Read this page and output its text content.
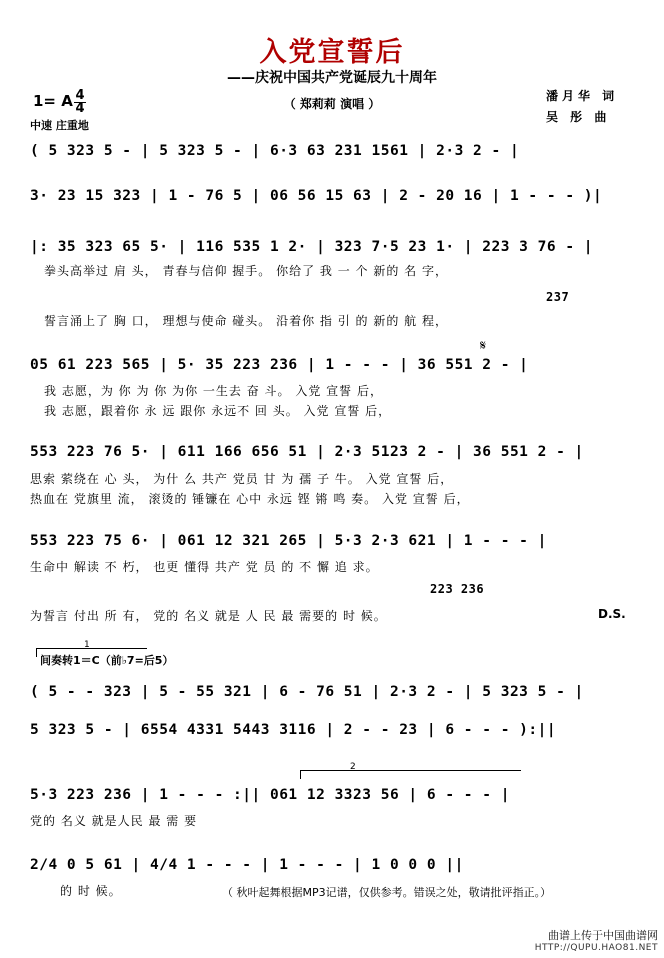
入党宣誓后
——庆祝中国共产党诞辰九十周年
（ 郑莉莉 演唱 ）
潘月华 词
吴 彤 曲
1= A 4
4
中速 庄重地
( 5 323 5 - | 5 323 5 - | 6·3 63 231 1561 | 2·3 2 - |
3· 23 15 323 | 1 - 76 5 | 06 56 15 63 | 2 - 20 16 | 1 - - - )|
|: 35 323 65 5· | 116 535 1 2· | 323 7·5 23 1· | 223 3 76 - |
拳头高举过 肩 头， 青春与信仰 握手。 你给了 我 一 个 新的 名 字，
誓言涌上了 胸 口， 理想与使命 碰头。 沿着你 指 引 的 新的 航 程，
237
05 61 223 565 | 5· 35 223 236 | 1 - - - | 36 551 2 - |
𝄋
我 志愿，为 你 为 你 为你 一生去 奋 斗。 入党 宣誓 后，
我 志愿，跟着你 永 远 跟你 永远不 回 头。 入党 宣誓 后，
553 223 76 5· | 611 166 656 51 | 2·3 5123 2 - | 36 551 2 - |
思索 萦绕在 心 头， 为什 么 共产 党员 甘 为 孺 子 牛。 入党 宣誓 后，
热血在 党旗里 流， 滚烫的 锤镰在 心中 永远 铿 锵 鸣 奏。 入党 宣誓 后，
553 223 75 6· | 061 12 321 265 | 5·3 2·3 621 | 1 - - - |
生命中 解读 不 朽， 也更 懂得 共产 党 员 的 不 懈 追 求。
223 236
为誓言 付出 所 有， 党的 名义 就是 人 民 最 需要的 时 候。	D.S.
1
间奏转1＝C（前♭7=后5）
( 5 - - 323 | 5 - 55 321 | 6 - 76 51 | 2·3 2 - | 5 323 5 - |
5 323 5 - | 6554 4331 5443 3116 | 2 - - 23 | 6 - - - ):||
2
5·3 223 236 | 1 - - - :|| 061 12 3323 56 | 6 - - - |
党的 名义 就是人民 最 需 要
2/4 0 5 61 | 4/4 1 - - - | 1 - - - | 1 0 0 0 ||
的 时 候。	（ 秋叶起舞根据MP3记谱，仅供参考。错误之处，敬请批评指正。）
曲谱上传于中国曲谱网
HTTP://QUPU.HAO81.NET
